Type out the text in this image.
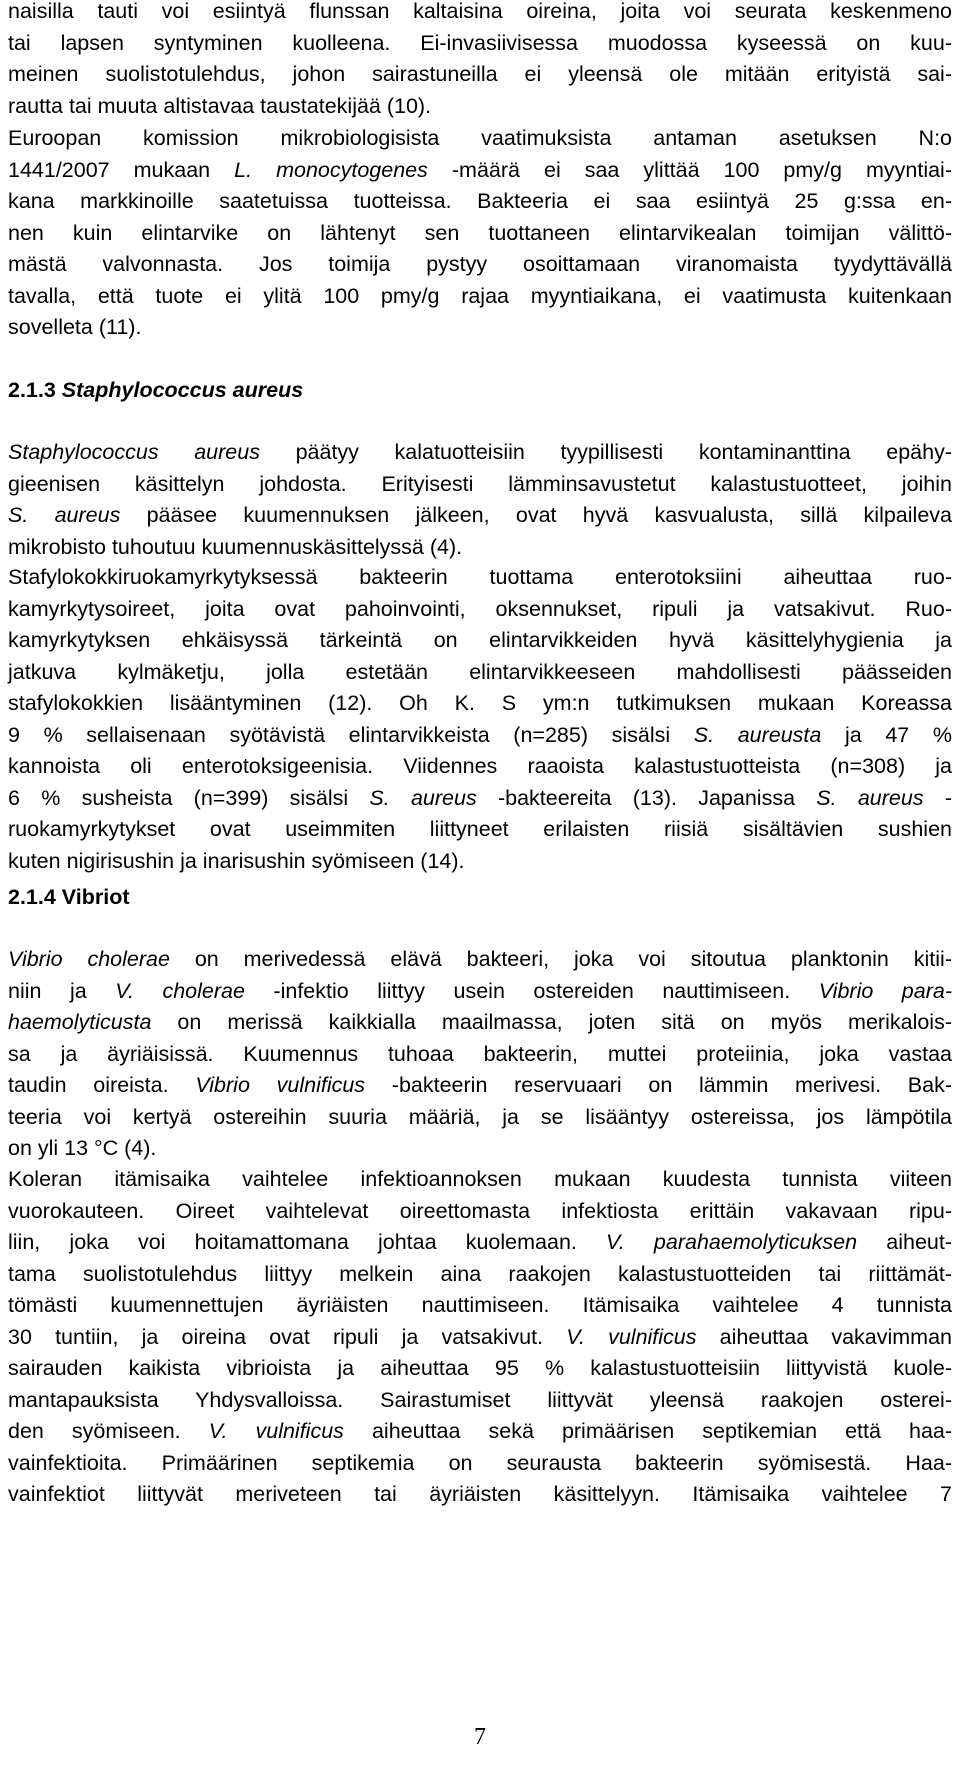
naisilla tauti voi esiintyä flunssan kaltaisina oireina, joita voi seurata keskenmeno
tai lapsen syntyminen kuolleena. Ei-invasiivisessa muodossa kyseessä on kuu-
meinen suolistotulehdus, johon sairastuneilla ei yleensä ole mitään erityistä sai-
rautta tai muuta altistavaa taustatekijää (10).
Euroopan komission mikrobiologisista vaatimuksista antaman asetuksen N:o
1441/2007 mukaan L. monocytogenes -määrä ei saa ylittää 100 pmy/g myyntiai-
kana markkinoille saatetuissa tuotteissa. Bakteeria ei saa esiintyä 25 g:ssa en-
nen kuin elintarvike on lähtenyt sen tuottaneen elintarvikealan toimijan välittö-
mästä valvonnasta. Jos toimija pystyy osoittamaan viranomaista tyydyttävällä
tavalla, että tuote ei ylitä 100 pmy/g rajaa myyntiaikana, ei vaatimusta kuitenkaan
sovelleta (11).
2.1.3 Staphylococcus aureus
Staphylococcus aureus päätyy kalatuotteisiin tyypillisesti kontaminanttina epähy-
gieenisen käsittelyn johdosta. Erityisesti lämminsavustetut kalastustuotteet, joihin
S. aureus pääsee kuumennuksen jälkeen, ovat hyvä kasvualusta, sillä kilpaileva
mikrobisto tuhoutuu kuumennuskäsittelyssä (4).
Stafylokokkiruokamyrkytyksessä bakteerin tuottama enterotoksiini aiheuttaa ruo-
kamyrkytysoireet, joita ovat pahoinvointi, oksennukset, ripuli ja vatsakivut. Ruo-
kamyrkytyksen ehkäisyssä tärkeintä on elintarvikkeiden hyvä käsittelyhygienia ja
jatkuva kylmäketju, jolla estetään elintarvikkeeseen mahdollisesti päässeiden
stafylokokkien lisääntyminen (12). Oh K. S ym:n tutkimuksen mukaan Koreassa
9 % sellaisenaan syötävistä elintarvikkeista (n=285) sisälsi S. aureusta ja 47 %
kannoista oli enterotoksigeenisia. Viidennes raaoista kalastustuotteista (n=308) ja
6 % susheista (n=399) sisälsi S. aureus -bakteereita (13). Japanissa S. aureus -
ruokamyrkytykset ovat useimmiten liittyneet erilaisten riisiä sisältävien sushien
kuten nigirisushin ja inarisushin syömiseen (14).
2.1.4 Vibriot
Vibrio cholerae on merivedessä elävä bakteeri, joka voi sitoutua planktonin kitii-
niin ja V. cholerae -infektio liittyy usein ostereiden nauttimiseen. Vibrio para-
haemolyticusta on merissä kaikkialla maailmassa, joten sitä on myös merikalois-
sa ja äyriäisissä. Kuumennus tuhoaa bakteerin, muttei proteiinia, joka vastaa
taudin oireista. Vibrio vulnificus -bakteerin reservuaari on lämmin merivesi. Bak-
teeria voi kertyä ostereihin suuria määriä, ja se lisääntyy ostereissa, jos lämpötila
on yli 13 °C (4).
Koleran itämisaika vaihtelee infektioannoksen mukaan kuudesta tunnista viiteen
vuorokauteen. Oireet vaihtelevat oireettomasta infektiosta erittäin vakavaan ripu-
liin, joka voi hoitamattomana johtaa kuolemaan. V. parahaemolyticuksen aiheut-
tama suolistotulehdus liittyy melkein aina raakojen kalastustuotteiden tai riittämät-
tömästi kuumennettujen äyriäisten nauttimiseen. Itämisaika vaihtelee 4 tunnista
30 tuntiin, ja oireina ovat ripuli ja vatsakivut. V. vulnificus aiheuttaa vakavimman
sairauden kaikista vibrioista ja aiheuttaa 95 % kalastustuotteisiin liittyvistä kuole-
mantapauksista Yhdysvalloissa. Sairastumiset liittyvät yleensä raakojen osterei-
den syömiseen. V. vulnificus aiheuttaa sekä primäärisen septikemian että haa-
vainfektioita. Primäärinen septikemia on seurausta bakteerin syömisestä. Haa-
vainfektiot liittyvät meriveteen tai äyriäisten käsittelyyn. Itämisaika vaihtelee 7
7
